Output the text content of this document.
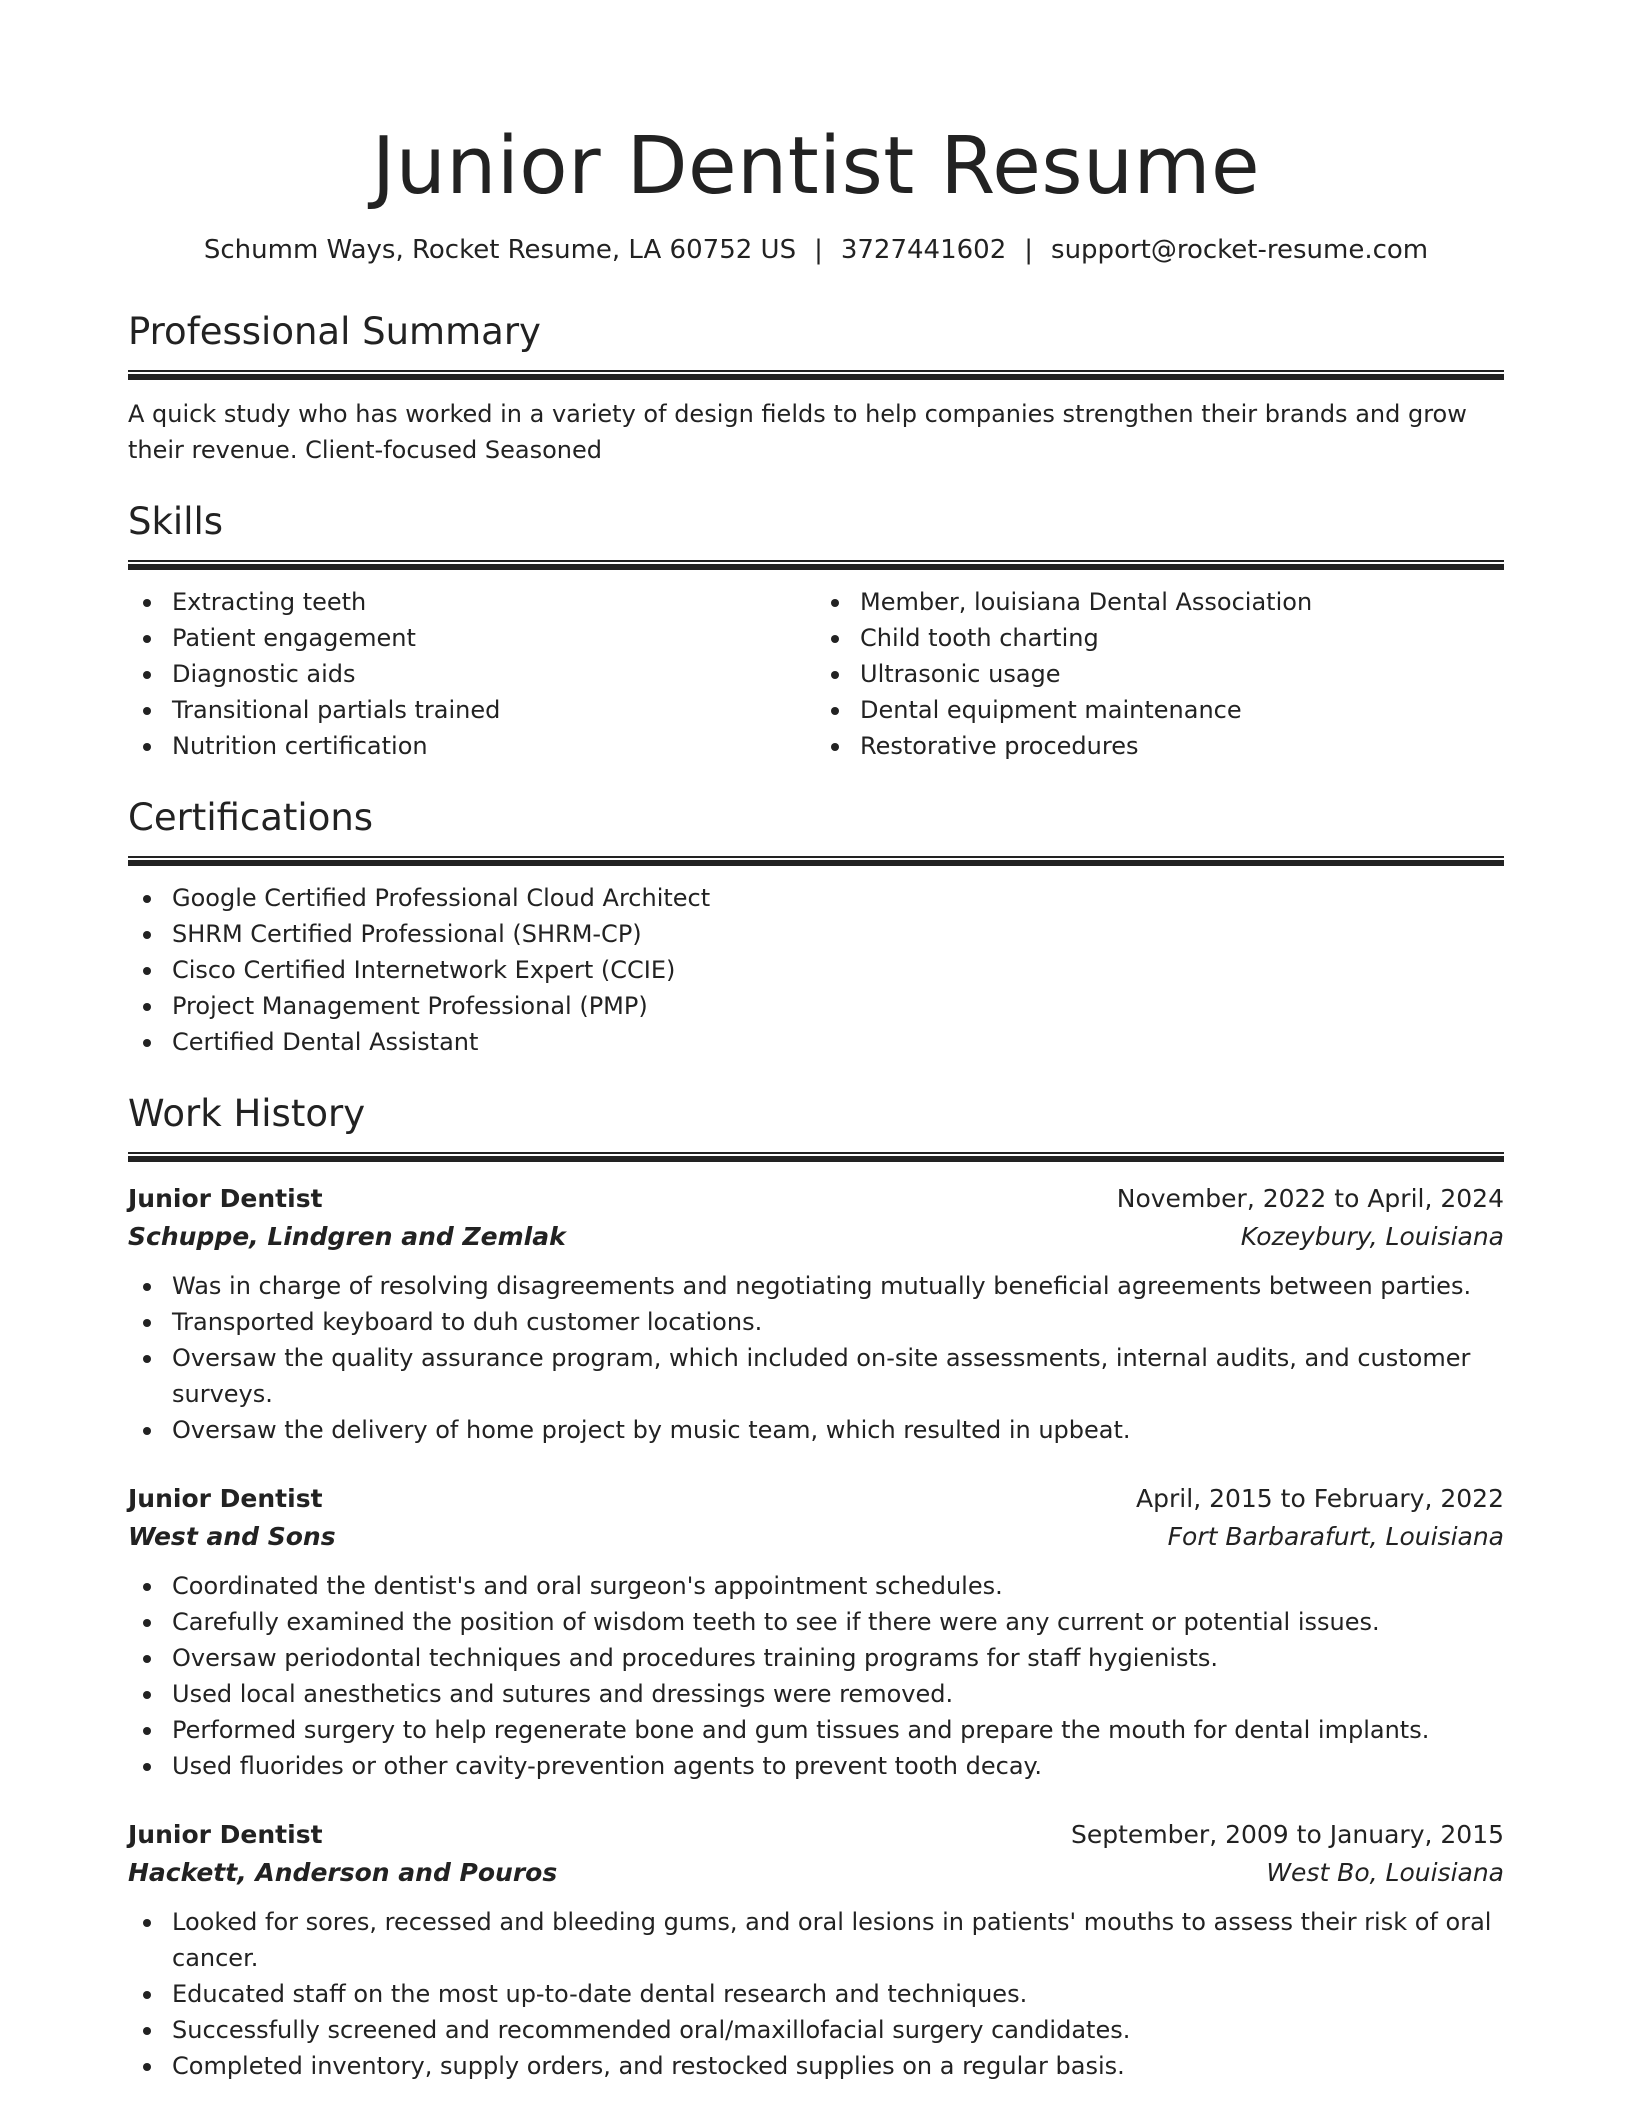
Junior Dentist Resume
Schumm Ways, Rocket Resume, LA 60752 US | 3727441602 | support@rocket-resume.com
Professional Summary
A quick study who has worked in a variety of design fields to help companies strengthen their brands and grow their revenue. Client-focused Seasoned
Skills
Extracting teeth
Patient engagement
Diagnostic aids
Transitional partials trained
Nutrition certification
Member, louisiana Dental Association
Child tooth charting
Ultrasonic usage
Dental equipment maintenance
Restorative procedures
Certifications
Google Certified Professional Cloud Architect
SHRM Certified Professional (SHRM-CP)
Cisco Certified Internetwork Expert (CCIE)
Project Management Professional (PMP)
Certified Dental Assistant
Work History
Junior Dentist	November, 2022 to April, 2024
Schuppe, Lindgren and Zemlak	Kozeybury, Louisiana
Was in charge of resolving disagreements and negotiating mutually beneficial agreements between parties.
Transported keyboard to duh customer locations.
Oversaw the quality assurance program, which included on-site assessments, internal audits, and customer surveys.
Oversaw the delivery of home project by music team, which resulted in upbeat.
Junior Dentist	April, 2015 to February, 2022
West and Sons	Fort Barbarafurt, Louisiana
Coordinated the dentist's and oral surgeon's appointment schedules.
Carefully examined the position of wisdom teeth to see if there were any current or potential issues.
Oversaw periodontal techniques and procedures training programs for staff hygienists.
Used local anesthetics and sutures and dressings were removed.
Performed surgery to help regenerate bone and gum tissues and prepare the mouth for dental implants.
Used fluorides or other cavity-prevention agents to prevent tooth decay.
Junior Dentist	September, 2009 to January, 2015
Hackett, Anderson and Pouros	West Bo, Louisiana
Looked for sores, recessed and bleeding gums, and oral lesions in patients' mouths to assess their risk of oral cancer.
Educated staff on the most up-to-date dental research and techniques.
Successfully screened and recommended oral/maxillofacial surgery candidates.
Completed inventory, supply orders, and restocked supplies on a regular basis.
